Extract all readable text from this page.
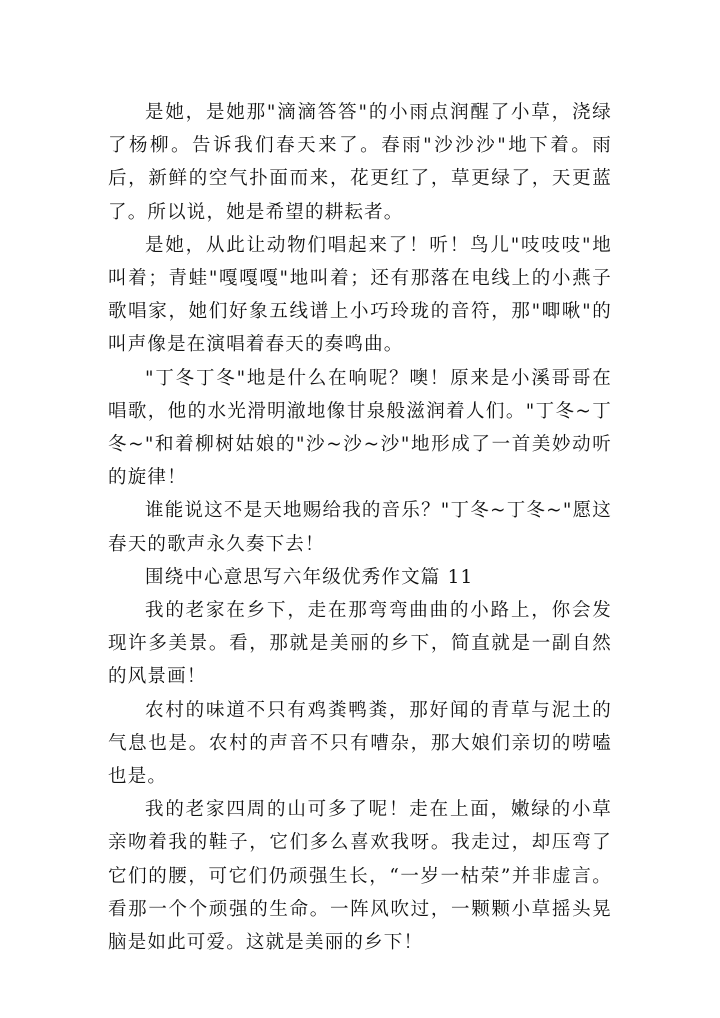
是她，是她那"滴滴答答"的小雨点润醒了小草，浇绿了杨柳。告诉我们春天来了。春雨"沙沙沙"地下着。雨后，新鲜的空气扑面而来，花更红了，草更绿了，天更蓝了。所以说，她是希望的耕耘者。

是她，从此让动物们唱起来了！听！鸟儿"吱吱吱"地叫着；青蛙"嘎嘎嘎"地叫着；还有那落在电线上的小燕子歌唱家，她们好象五线谱上小巧玲珑的音符，那"唧啾"的叫声像是在演唱着春天的奏鸣曲。

"丁冬丁冬"地是什么在响呢？噢！原来是小溪哥哥在唱歌，他的水光滑明澈地像甘泉般滋润着人们。"丁冬~丁冬~"和着柳树姑娘的"沙~沙~沙"地形成了一首美妙动听的旋律！

谁能说这不是天地赐给我的音乐？"丁冬~丁冬~"愿这春天的歌声永久奏下去！

围绕中心意思写六年级优秀作文篇 11

我的老家在乡下，走在那弯弯曲曲的小路上，你会发现许多美景。看，那就是美丽的乡下，简直就是一副自然的风景画！

农村的味道不只有鸡粪鸭粪，那好闻的青草与泥土的气息也是。农村的声音不只有嘈杂，那大娘们亲切的唠嗑也是。

我的老家四周的山可多了呢！走在上面，嫩绿的小草亲吻着我的鞋子，它们多么喜欢我呀。我走过，却压弯了它们的腰，可它们仍顽强生长，“一岁一枯荣”并非虚言。看那一个个顽强的生命。一阵风吹过，一颗颗小草摇头晃脑是如此可爱。这就是美丽的乡下！
